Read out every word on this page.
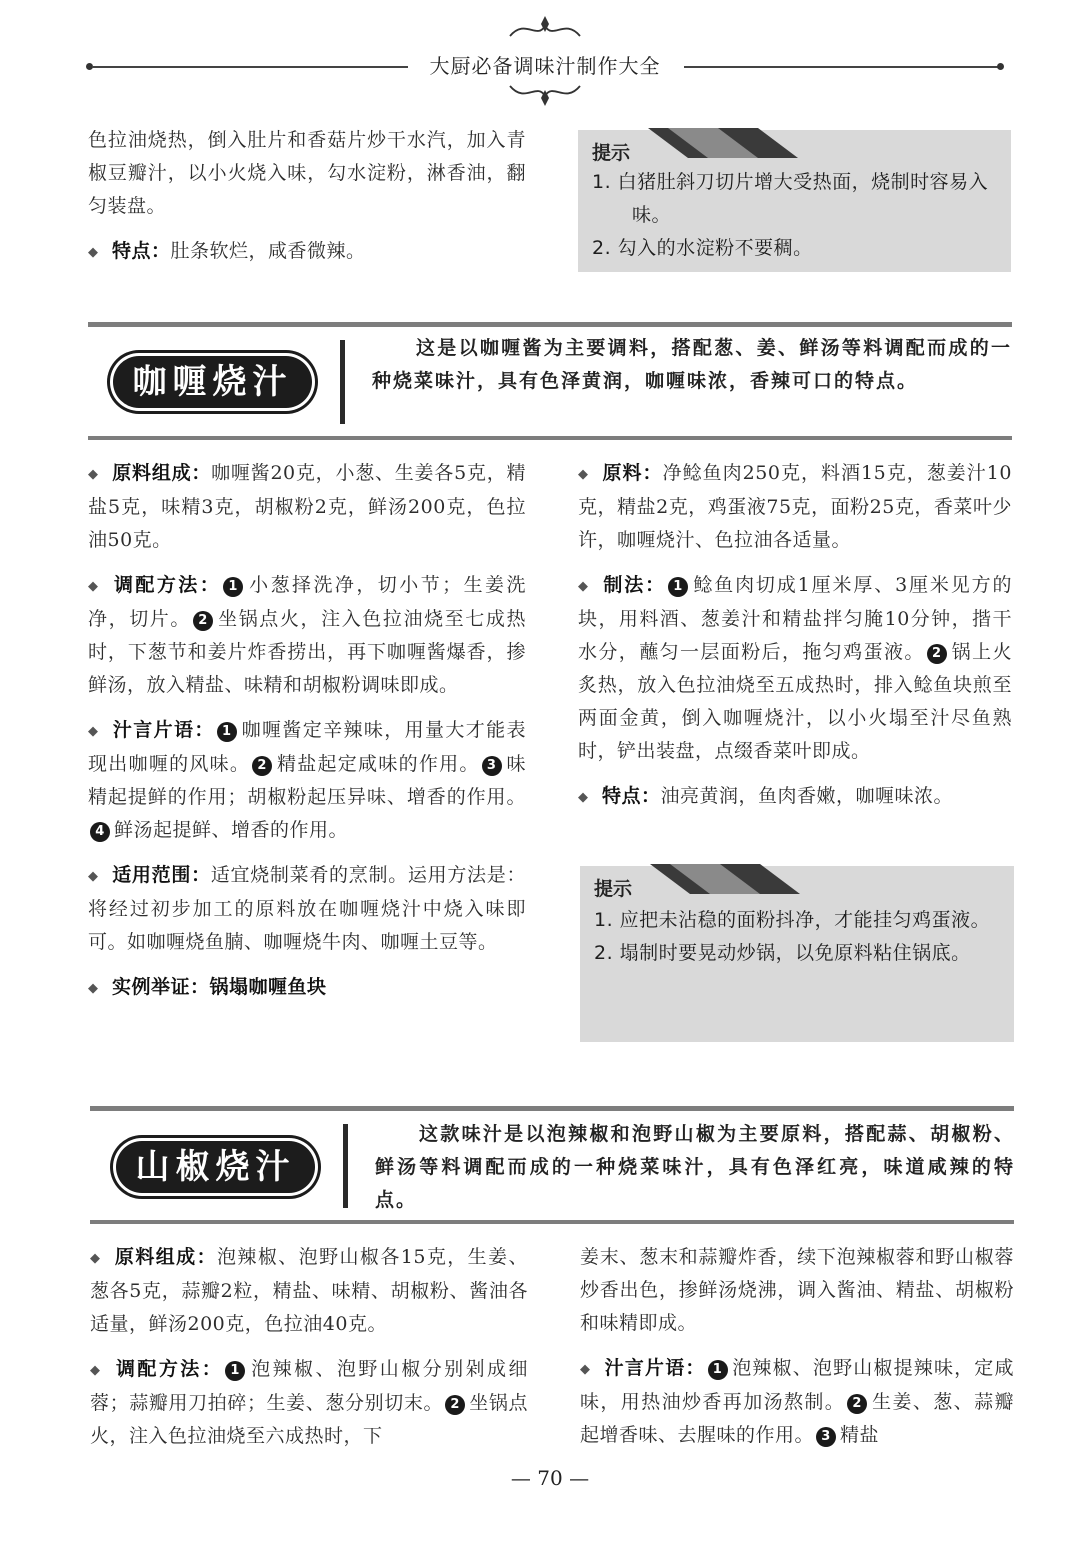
大厨必备调味汁制作大全

色拉油烧热，倒入肚片和香菇片炒干水汽，加入青椒豆瓣汁，以小火烧入味，勾水淀粉，淋香油，翻匀装盘。

◆ 特点：肚条软烂，咸香微辣。

提示
1. 白猪肚斜刀切片增大受热面，烧制时容易入味。
2. 勾入的水淀粉不要稠。
咖喱烧汁
这是以咖喱酱为主要调料，搭配葱、姜、鲜汤等料调配而成的一种烧菜味汁，具有色泽黄润，咖喱味浓，香辣可口的特点。

◆ 原料组成：咖喱酱20克，小葱、生姜各5克，精盐5克，味精3克，胡椒粉2克，鲜汤200克，色拉油50克。

◆ 调配方法： 1 小葱择洗净，切小节；生姜洗净，切片。 2 坐锅点火，注入色拉油烧至七成热时，下葱节和姜片炸香捞出，再下咖喱酱爆香，掺鲜汤，放入精盐、味精和胡椒粉调味即成。

◆ 汁言片语： 1 咖喱酱定辛辣味，用量大才能表现出咖喱的风味。 2 精盐起定咸味的作用。 3 味精起提鲜的作用；胡椒粉起压异味、增香的作用。4 鲜汤起提鲜、增香的作用。

◆ 适用范围：适宜烧制菜肴的烹制。运用方法是：将经过初步加工的原料放在咖喱烧汁中烧入味即可。如咖喱烧鱼腩、咖喱烧牛肉、咖喱土豆等。

◆ 实例举证：锅塌咖喱鱼块

◆ 原料：净鲶鱼肉250克，料酒15克，葱姜汁10克，精盐2克，鸡蛋液75克，面粉25克，香菜叶少许，咖喱烧汁、色拉油各适量。

◆ 制法： 1 鲶鱼肉切成1厘米厚、3厘米见方的块，用料酒、葱姜汁和精盐拌匀腌10分钟，揩干水分，蘸匀一层面粉后，拖匀鸡蛋液。 2 锅上火炙热，放入色拉油烧至五成热时，排入鲶鱼块煎至两面金黄，倒入咖喱烧汁，以小火塌至汁尽鱼熟时，铲出装盘，点缀香菜叶即成。

◆ 特点：油亮黄润，鱼肉香嫩，咖喱味浓。

提示
1. 应把未沾稳的面粉抖净，才能挂匀鸡蛋液。
2. 塌制时要晃动炒锅，以免原料粘住锅底。
山椒烧汁
这款味汁是以泡辣椒和泡野山椒为主要原料，搭配蒜、胡椒粉、鲜汤等料调配而成的一种烧菜味汁，具有色泽红亮，味道咸辣的特点。

◆ 原料组成：泡辣椒、泡野山椒各15克，生姜、葱各5克，蒜瓣2粒，精盐、味精、胡椒粉、酱油各适量，鲜汤200克，色拉油40克。

◆ 调配方法： 1 泡辣椒、泡野山椒分别剁成细蓉；蒜瓣用刀拍碎；生姜、葱分别切末。 2 坐锅点火，注入色拉油烧至六成热时，下

姜末、葱末和蒜瓣炸香，续下泡辣椒蓉和野山椒蓉炒香出色，掺鲜汤烧沸，调入酱油、精盐、胡椒粉和味精即成。

◆ 汁言片语： 1 泡辣椒、泡野山椒提辣味，定咸味，用热油炒香再加汤熬制。 2 生姜、葱、蒜瓣起增香味、去腥味的作用。 3 精盐

— 70 —
